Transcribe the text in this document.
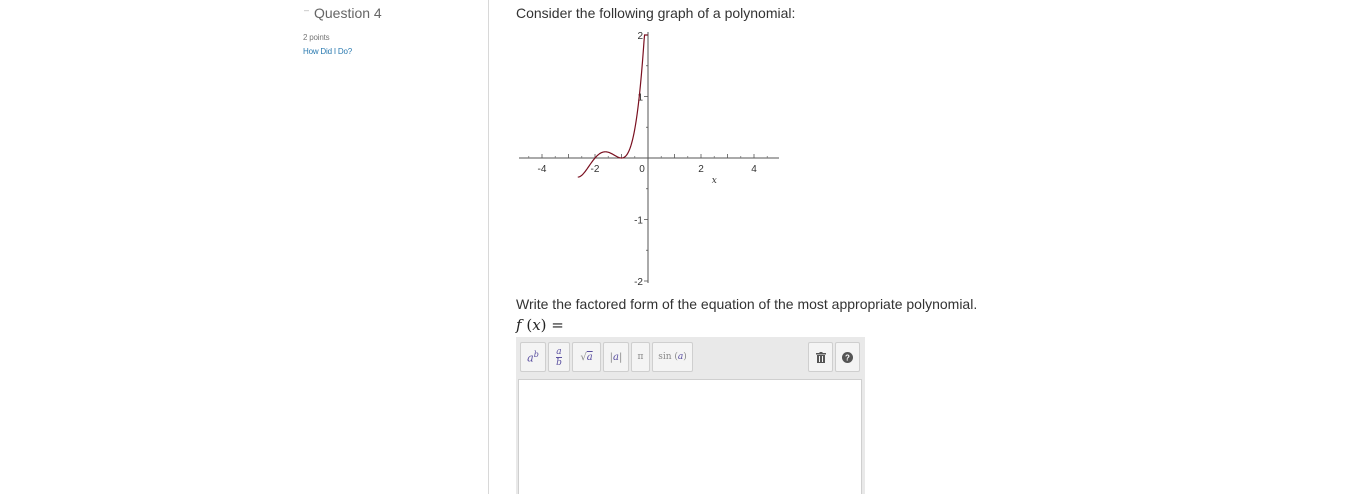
– Question 4
2 points
How Did I Do?
Consider the following graph of a polynomial:
-4	-2	0	2	4
2
1
-1
-2
x
Write the factored form of the equation of the most appropriate polynomial.
f (x) =
$a^b$ a
b √a |a| π sin (a)	?
